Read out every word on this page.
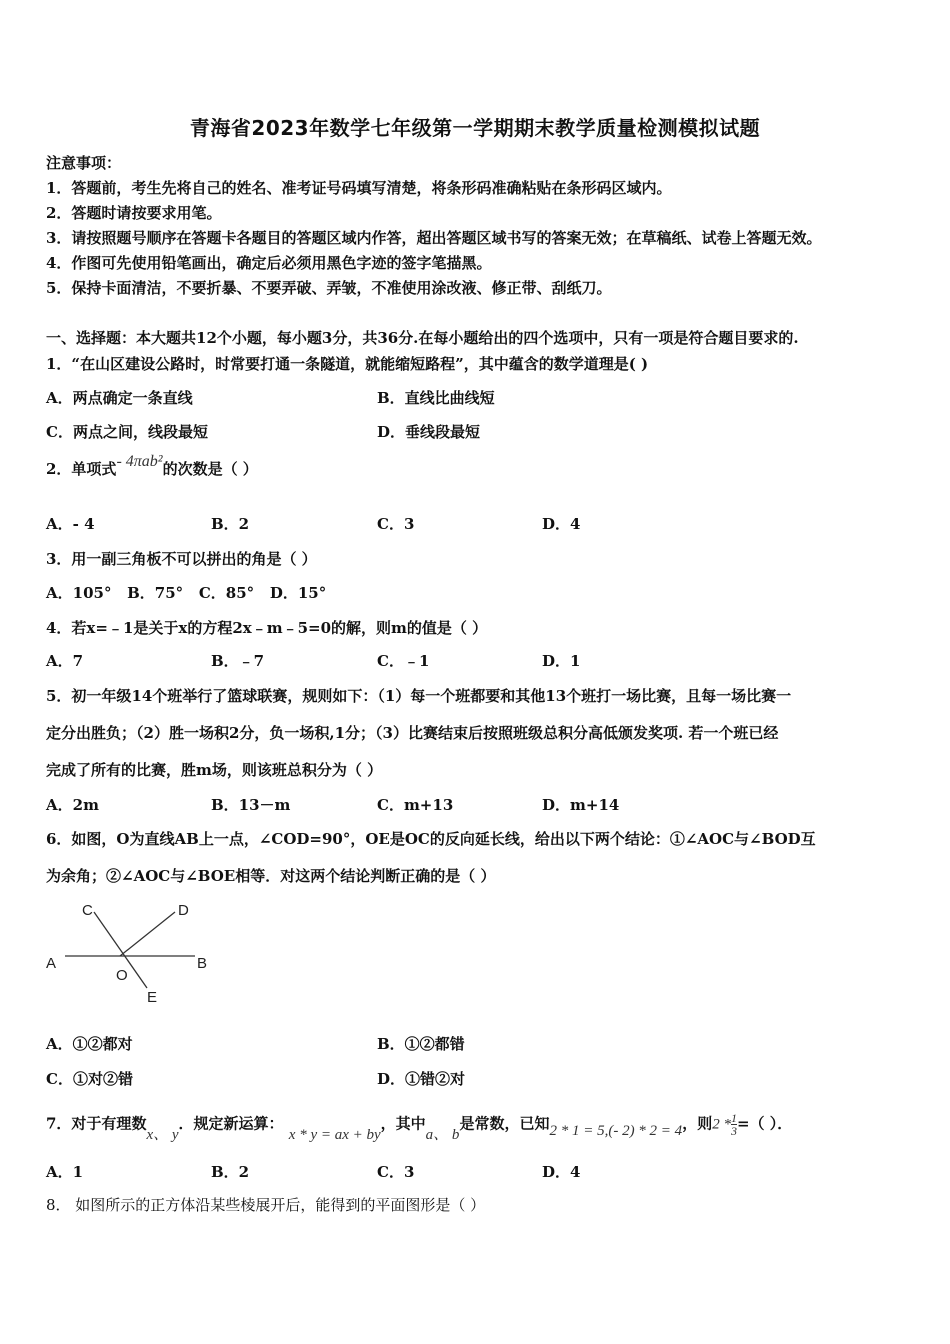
青海省2023年数学七年级第一学期期末教学质量检测模拟试题
注意事项：
1．答题前，考生先将自己的姓名、准考证号码填写清楚，将条形码准确粘贴在条形码区域内。
2．答题时请按要求用笔。
3．请按照题号顺序在答题卡各题目的答题区域内作答，超出答题区域书写的答案无效；在草稿纸、试卷上答题无效。
4．作图可先使用铅笔画出，确定后必须用黑色字迹的签字笔描黑。
5．保持卡面清洁，不要折暴、不要弄破、弄皱，不准使用涂改液、修正带、刮纸刀。
一、选择题：本大题共12个小题，每小题3分，共36分.在每小题给出的四个选项中，只有一项是符合题目要求的.
1．“在山区建设公路时，时常要打通一条隧道，就能缩短路程”，其中蕴含的数学道理是( )
A．两点确定一条直线	B．直线比曲线短
C．两点之间，线段最短	D．垂线段最短
2．单项式- 4πab²的次数是（ ）
A．- 4	B．2	C．3	D．4
3．用一副三角板不可以拼出的角是（ ）
A．105°   B．75°   C．85°   D．15°
4．若x=﹣1是关于x的方程2x﹣m﹣5=0的解，则m的值是（ ）
A．7	B．﹣7	C．﹣1	D．1
5．初一年级14个班举行了篮球联赛，规则如下：（1）每一个班都要和其他13个班打一场比赛，且每一场比赛一
定分出胜负；（2）胜一场积2分，负一场积,1分；（3）比赛结束后按照班级总积分高低颁发奖项. 若一个班已经
完成了所有的比赛，胜m场，则该班总积分为（ ）
A．2m	B．13－m	C．m+13	D．m+14
6．如图，O为直线AB上一点，∠COD=90°，OE是OC的反向延长线，给出以下两个结论：①∠AOC与∠BOD互
为余角；②∠AOC与∠BOE相等．对这两个结论判断正确的是（ ）
A	B
C	D
O
E
A．①②都对	B．①②都错
C．①对②错	D．①错②对
7．对于有理数x、 y．规定新运算： x * y = ax + by，其中a、 b是常数，已知2 * 1 = 5,(- 2) * 2 = 4，则$2 * \frac{1}{3}$ =（ ）．
A．1	B．2	C．3	D．4
8． 如图所示的正方体沿某些棱展开后，能得到的平面图形是（ ）
